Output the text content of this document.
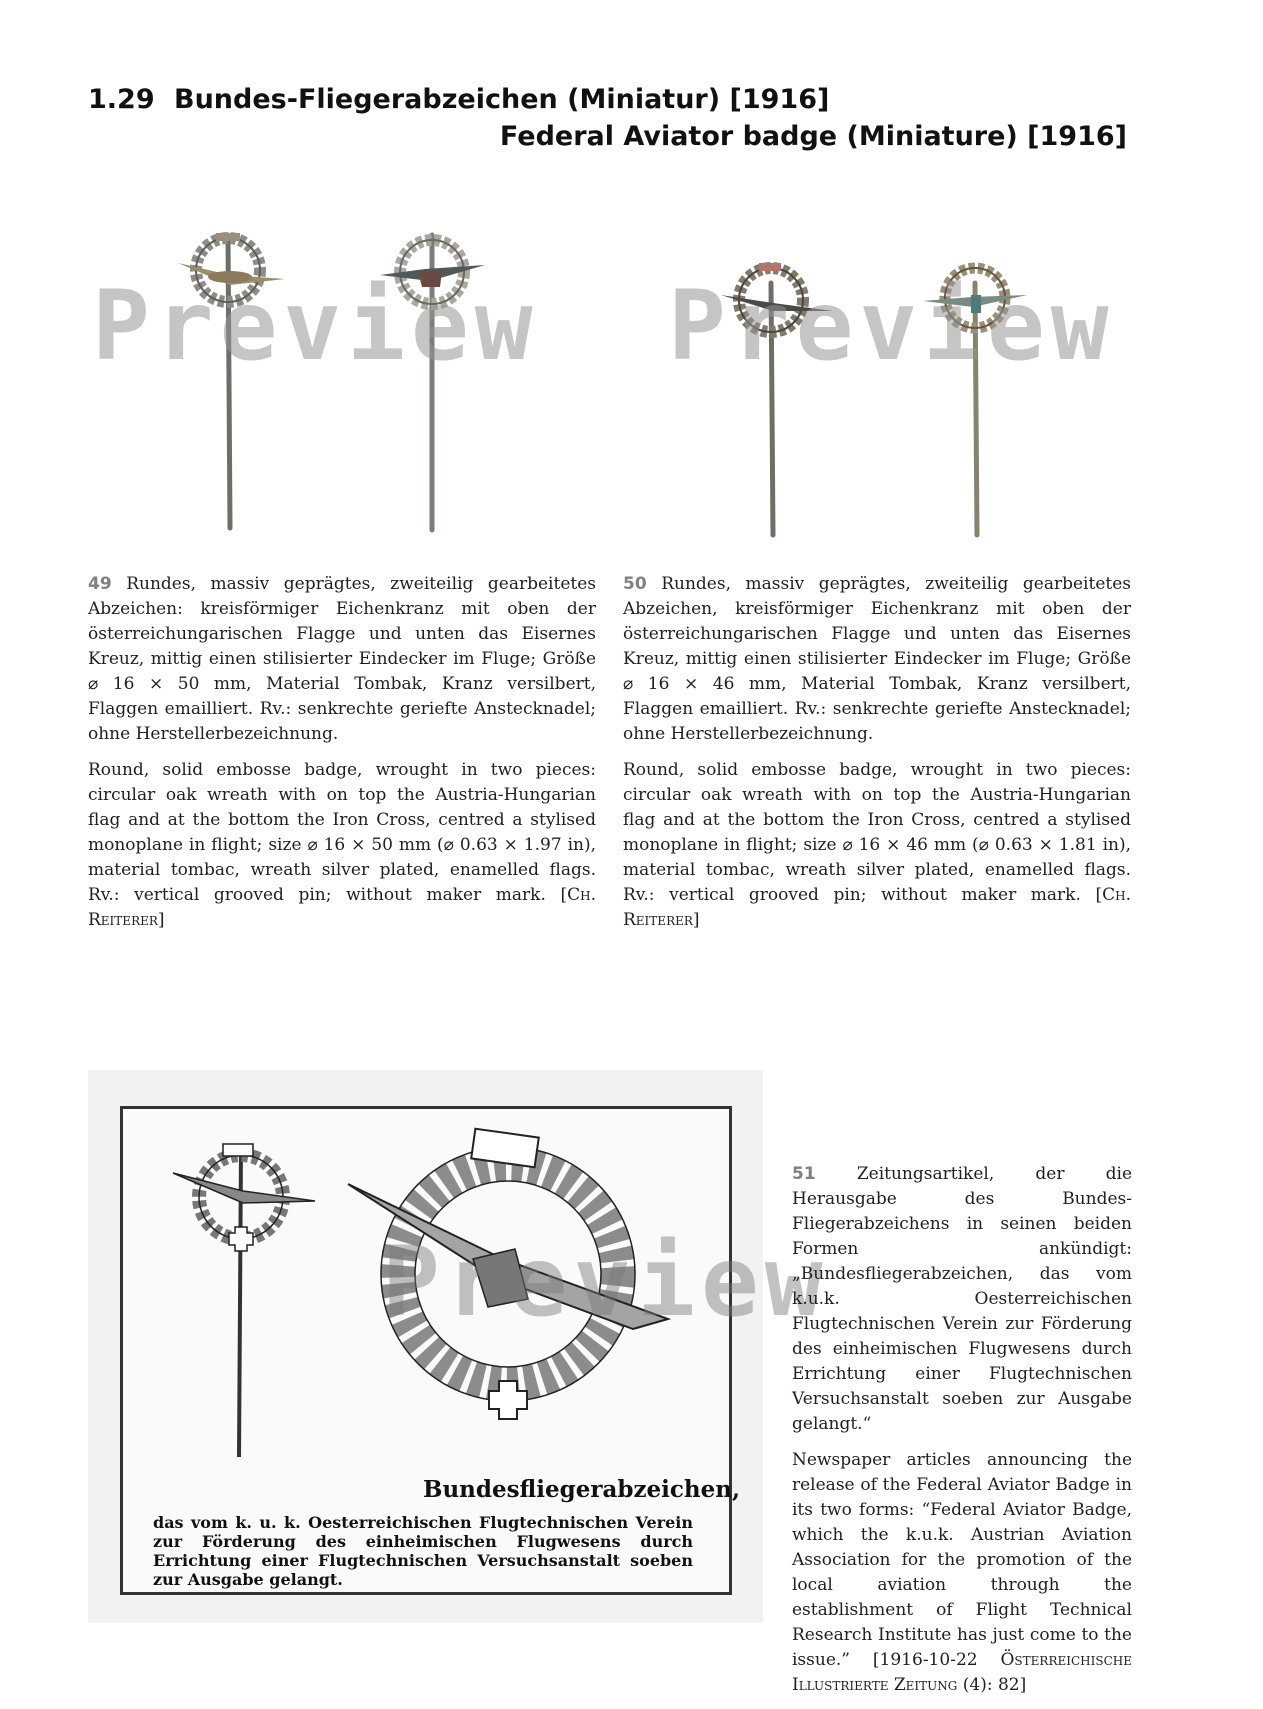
1.29 Bundes-Fliegerabzeichen (Miniatur) [1916]
Federal Aviator badge (Miniature) [1916]
Preview Preview

49 Rundes, massiv geprägtes, zweiteilig gearbeitetes Abzeichen: kreisförmiger Eichenkranz mit oben der österreichungarischen Flagge und unten das Eisernes Kreuz, mittig einen stilisierter Eindecker im Fluge; Größe ⌀ 16 × 50 mm, Material Tombak, Kranz versilbert, Flaggen emailliert. Rv.: senkrechte geriefte Anstecknadel; ohne Herstellerbezeichnung.

Round, solid embosse badge, wrought in two pieces: circular oak wreath with on top the Austria-Hungarian flag and at the bottom the Iron Cross, centred a stylised monoplane in flight; size ⌀ 16 × 50 mm (⌀ 0.63 × 1.97 in), material tombac, wreath silver plated, enamelled flags. Rv.: vertical grooved pin; without maker mark. [Ch. Reiterer]

50 Rundes, massiv geprägtes, zweiteilig gearbeitetes Abzeichen, kreisförmiger Eichenkranz mit oben der österreichungarischen Flagge und unten das Eisernes Kreuz, mittig einen stilisierter Eindecker im Fluge; Größe ⌀ 16 × 46 mm, Material Tombak, Kranz versilbert, Flaggen emailliert. Rv.: senkrechte geriefte Anstecknadel; ohne Herstellerbezeichnung.

Round, solid embosse badge, wrought in two pieces: circular oak wreath with on top the Austria-Hungarian flag and at the bottom the Iron Cross, centred a stylised monoplane in flight; size ⌀ 16 × 46 mm (⌀ 0.63 × 1.81 in), material tombac, wreath silver plated, enamelled flags. Rv.: vertical grooved pin; without maker mark. [Ch. Reiterer]

Bundesfliegerabzeichen,
das vom k. u. k. Oesterreichischen Flugtechnischen Verein zur Förderung des einheimischen Flugwesens durch Errichtung einer Flugtechnischen Versuchsanstalt soeben zur Ausgabe gelangt.
Preview

51 Zeitungsartikel, der die Herausgabe des Bundes-Fliegerabzeichens in seinen beiden Formen ankündigt: „Bundesfliegerabzeichen, das vom k.u.k. Oesterreichischen Flugtechnischen Verein zur Förderung des einheimischen Flugwesens durch Errichtung einer Flugtechnischen Versuchsanstalt soeben zur Ausgabe gelangt.“

Newspaper articles announcing the release of the Federal Aviator Badge in its two forms: “Federal Aviator Badge, which the k.u.k. Austrian Aviation Association for the promotion of the local aviation through the establishment of Flight Technical Research Institute has just come to the issue.” [1916-10-22 Österreichische Illustrierte Zeitung (4): 82]
